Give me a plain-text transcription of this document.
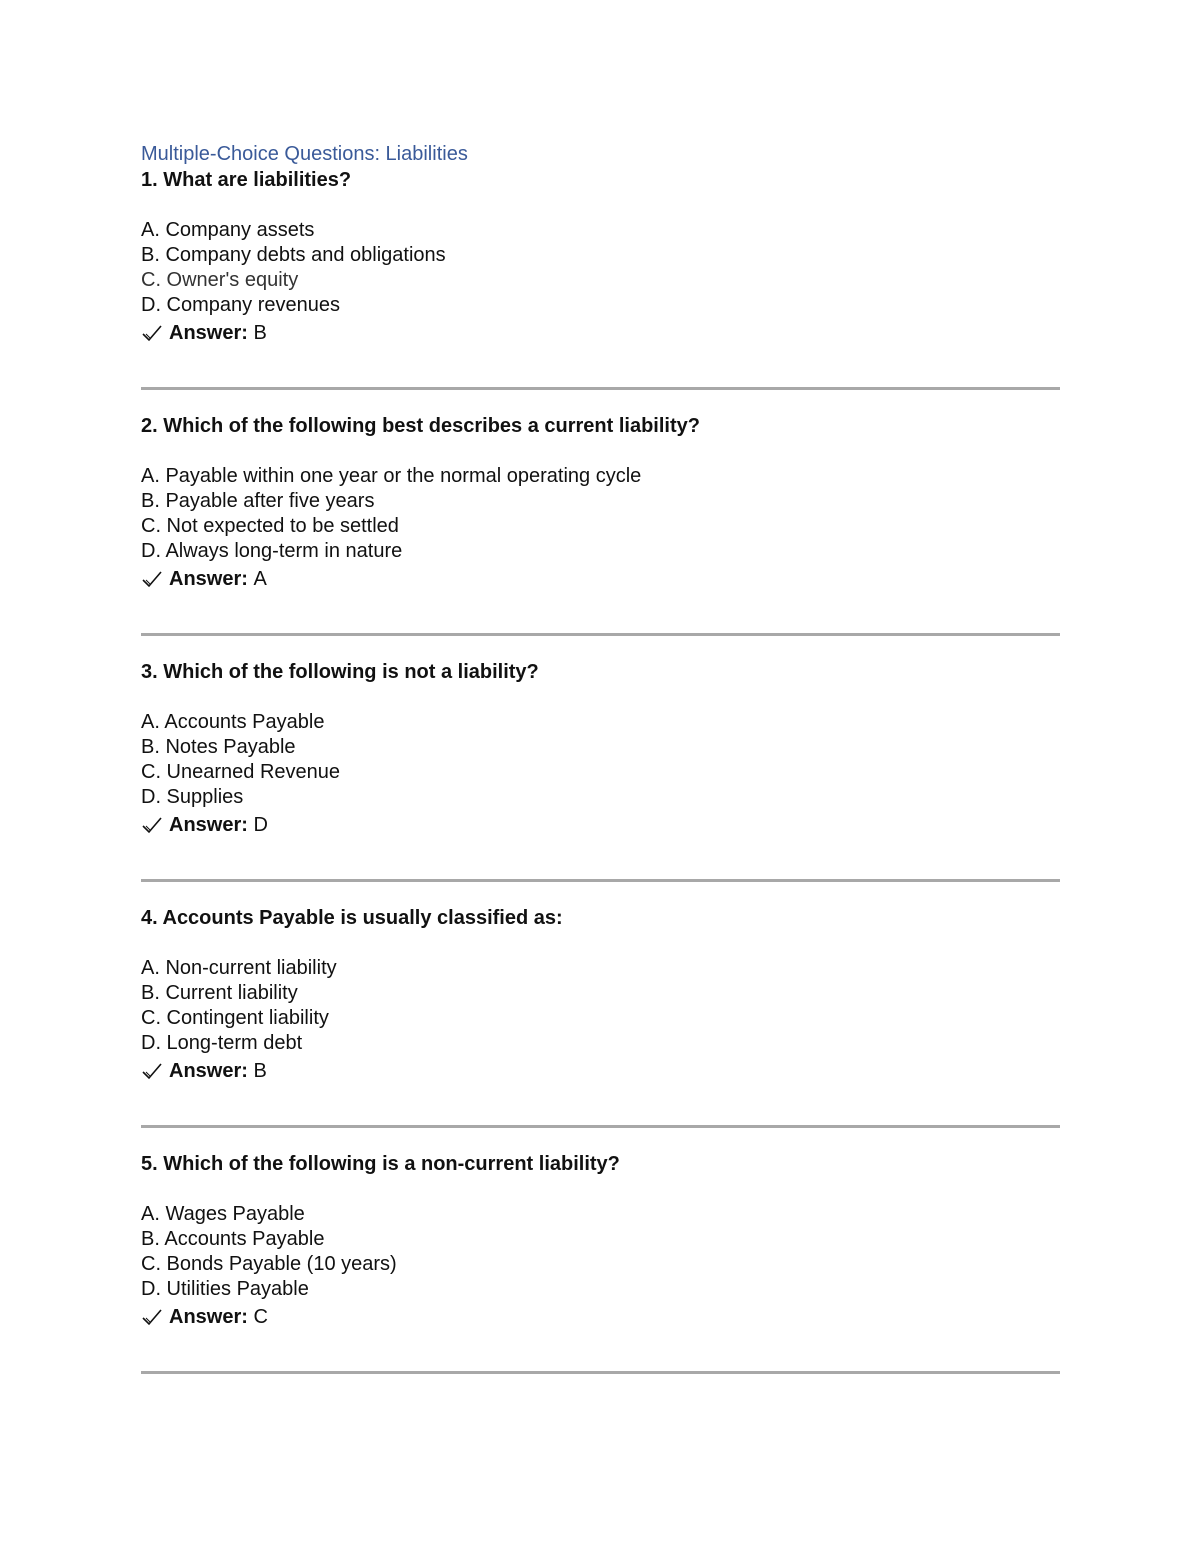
Multiple-Choice Questions: Liabilities
1. What are liabilities?
A. Company assets
B. Company debts and obligations
C. Owner's equity
D. Company revenues
Answer:
B
2. Which of the following best describes a current liability?
A. Payable within one year or the normal operating cycle
B. Payable after five years
C. Not expected to be settled
D. Always long-term in nature
Answer:
A
3. Which of the following is not a liability?
A. Accounts Payable
B. Notes Payable
C. Unearned Revenue
D. Supplies
Answer:
D
4. Accounts Payable is usually classified as:
A. Non-current liability
B. Current liability
C. Contingent liability
D. Long-term debt
Answer:
B
5. Which of the following is a non-current liability?
A. Wages Payable
B. Accounts Payable
C. Bonds Payable (10 years)
D. Utilities Payable
Answer:
C
